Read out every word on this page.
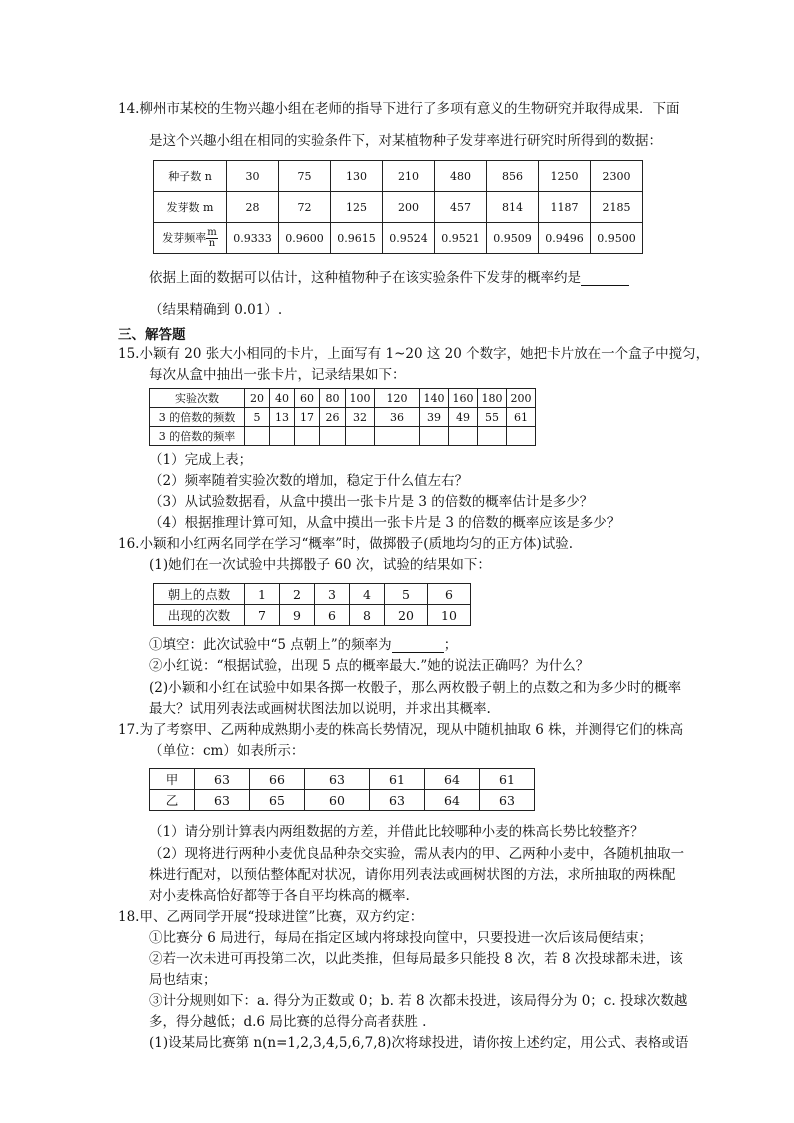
14.柳州市某校的生物兴趣小组在老师的指导下进行了多项有意义的生物研究并取得成果．下面
是这个兴趣小组在相同的实验条件下，对某植物种子发芽率进行研究时所得到的数据：
种子数 n	30	75	130	210	480	856	1250	2300
发芽数 m	28	72	125	200	457	814	1187	2185
发芽频率 $\frac{m}{n}$	0.9333	0.9600	0.9615	0.9524	0.9521	0.9509	0.9496	0.9500
依据上面的数据可以估计，这种植物种子在该实验条件下发芽的概率约是
（结果精确到 0.01）.
三、解答题
15.小颖有 20 张大小相同的卡片，上面写有 1~20 这 20 个数字，她把卡片放在一个盒子中搅匀，
每次从盒中抽出一张卡片，记录结果如下：
实验次数	20	40	60	80	100	120	140	160	180	200
3 的倍数的频数	5	13	17	26	32	36	39	49	55	61
3 的倍数的频率										
（1）完成上表；
（2）频率随着实验次数的增加，稳定于什么值左右？
（3）从试验数据看，从盒中摸出一张卡片是 3 的倍数的概率估计是多少？
（4）根据推理计算可知，从盒中摸出一张卡片是 3 的倍数的概率应该是多少？
16.小颖和小红两名同学在学习“概率”时，做掷骰子(质地均匀的正方体)试验.
(1)她们在一次试验中共掷骰子 60 次，试验的结果如下：
朝上的点数	1	2	3	4	5	6
出现的次数	7	9	6	8	20	10
①填空：此次试验中“5 点朝上”的频率为	；
②小红说：“根据试验，出现 5 点的概率最大.”她的说法正确吗？为什么？
(2)小颖和小红在试验中如果各掷一枚骰子，那么两枚骰子朝上的点数之和为多少时的概率
最大？试用列表法或画树状图法加以说明，并求出其概率.
17.为了考察甲、乙两种成熟期小麦的株高长势情况，现从中随机抽取 6 株，并测得它们的株高
（单位：cm）如表所示：
甲	63	66	63	61	64	61
乙	63	65	60	63	64	63
（1）请分别计算表内两组数据的方差，并借此比较哪种小麦的株高长势比较整齐？
（2）现将进行两种小麦优良品种杂交实验，需从表内的甲、乙两种小麦中，各随机抽取一
株进行配对，以预估整体配对状况，请你用列表法或画树状图的方法，求所抽取的两株配
对小麦株高恰好都等于各自平均株高的概率.
18.甲、乙两同学开展“投球进筐”比赛，双方约定：
①比赛分 6 局进行，每局在指定区域内将球投向筐中，只要投进一次后该局便结束；
②若一次未进可再投第二次，以此类推，但每局最多只能投 8 次，若 8 次投球都未进，该
局也结束；
③计分规则如下：a. 得分为正数或 0；b. 若 8 次都未投进，该局得分为 0；c. 投球次数越
多，得分越低；d.6 局比赛的总得分高者获胜 .
(1)设某局比赛第 n(n=1,2,3,4,5,6,7,8)次将球投进，请你按上述约定，用公式、表格或语
